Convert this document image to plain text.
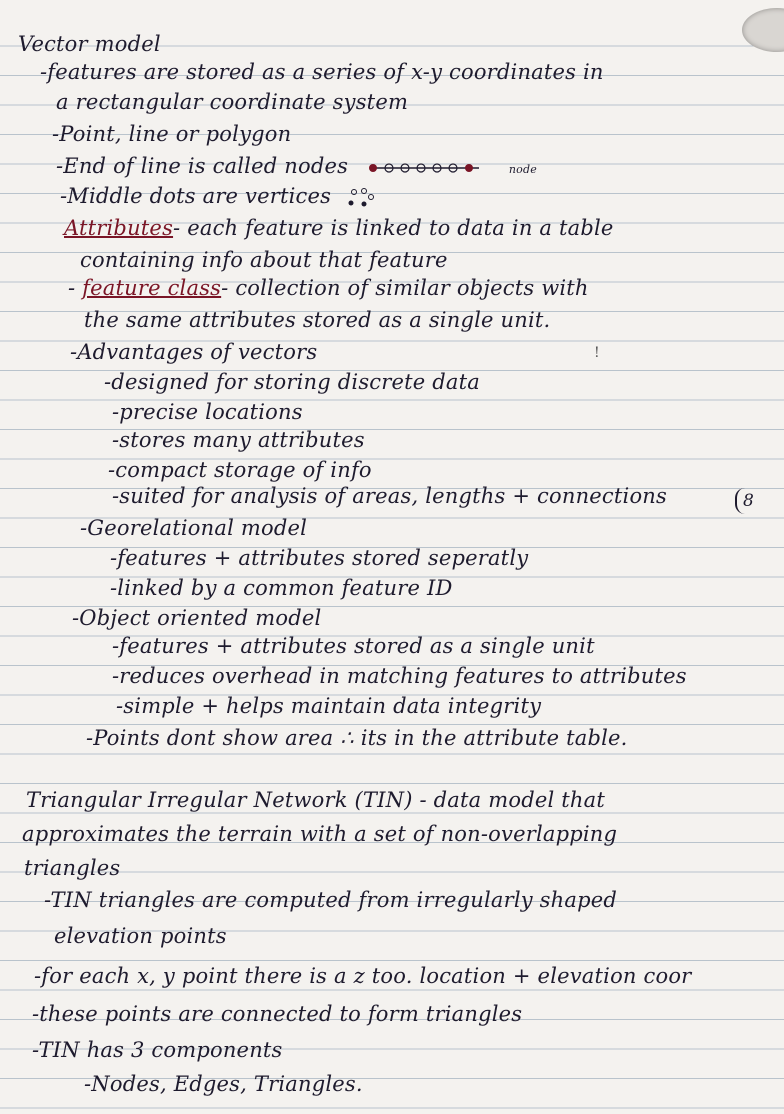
Vector model
-features are stored as a series of x-y coordinates in
a rectangular coordinate system
-Point, line or polygon
-End of line is called nodes	node
-Middle dots are vertices
Attributes- each feature is linked to data in a table
containing info about that feature
- feature class- collection of similar objects with
the same attributes stored as a single unit.
-Advantages of vectors
-designed for storing discrete data
-precise locations
-stores many attributes
-compact storage of info
-suited for analysis of areas, lengths + connections
-Georelational model
-features + attributes stored seperatly
-linked by a common feature ID
-Object oriented model
-features + attributes stored as a single unit
-reduces overhead in matching features to attributes
-simple + helps maintain data integrity
-Points dont show area ∴ its in the attribute table.
Triangular Irregular Network (TIN) - data model that
approximates the terrain with a set of non-overlapping
triangles
-TIN triangles are computed from irregularly shaped
elevation points
-for each x, y point there is a z too. location + elevation coor
-these points are connected to form triangles
-TIN has 3 components
-Nodes, Edges, Triangles.
8
!
